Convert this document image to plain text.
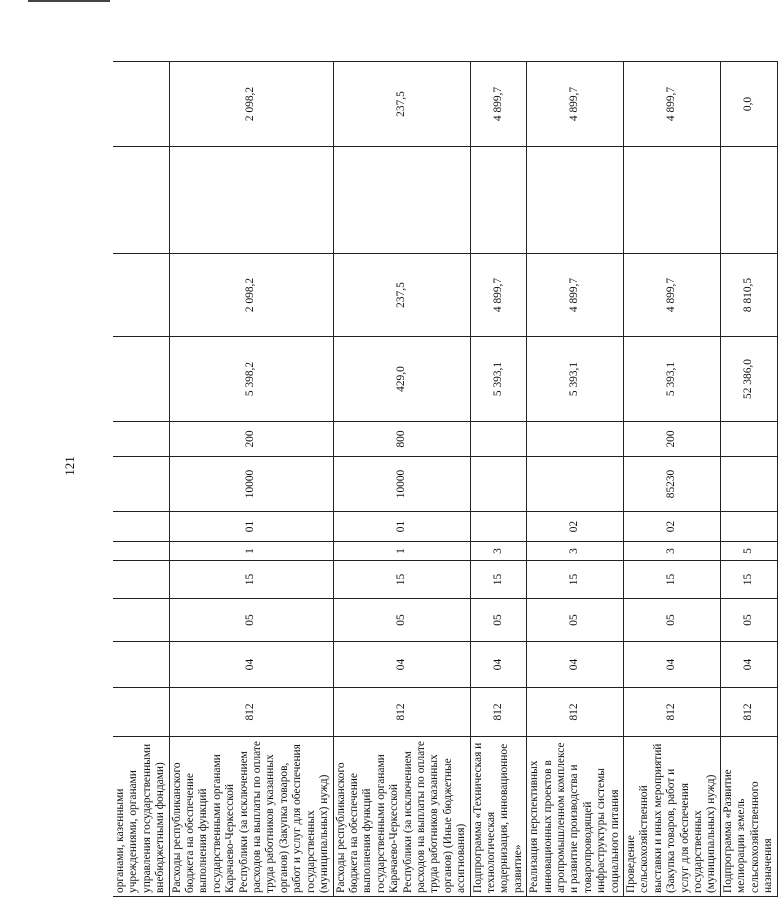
121
органами, казенными учреждениями, органами управления государственными внебюджетными фондами)												
Расходы республиканского бюджета на обеспечение выполнения функций государственными органами Карачаево-Черкесской Республики (за исключением расходов на выплаты по оплате труда работников указанных органов) (Закупка товаров, работ и услуг для обеспечения государственных (муниципальных) нужд)	812	04	05	15	1	01	10000	200	5 398,2	2 098,2		2 098,2
Расходы республиканского бюджета на обеспечение выполнения функций государственными органами Карачаево-Черкесской Республики (за исключением расходов на выплаты по оплате труда работников указанных органов) (Иные бюджетные ассигнования)	812	04	05	15	1	01	10000	800	429,0	237,5		237,5
Подпрограмма «Техническая и технологическая модернизация, инновационное развитие»	812	04	05	15	3				5 393,1	4 899,7		4 899,7
Реализация перспективных инновационных проектов в агропромышленном комплексе и развитие производства и товаропроводящей инфраструктуры системы социального питания	812	04	05	15	3	02			5 393,1	4 899,7		4 899,7
Проведение сельскохозяйственной выставки и иных мероприятий (Закупка товаров, работ и услуг для обеспечения государственных (муниципальных) нужд)	812	04	05	15	3	02	85230	200	5 393,1	4 899,7		4 899,7
Подпрограмма «Развитие мелиорации земель сельскохозяйственного назначения	812	04	05	15	5				52 386,0	8 810,5		0,0
